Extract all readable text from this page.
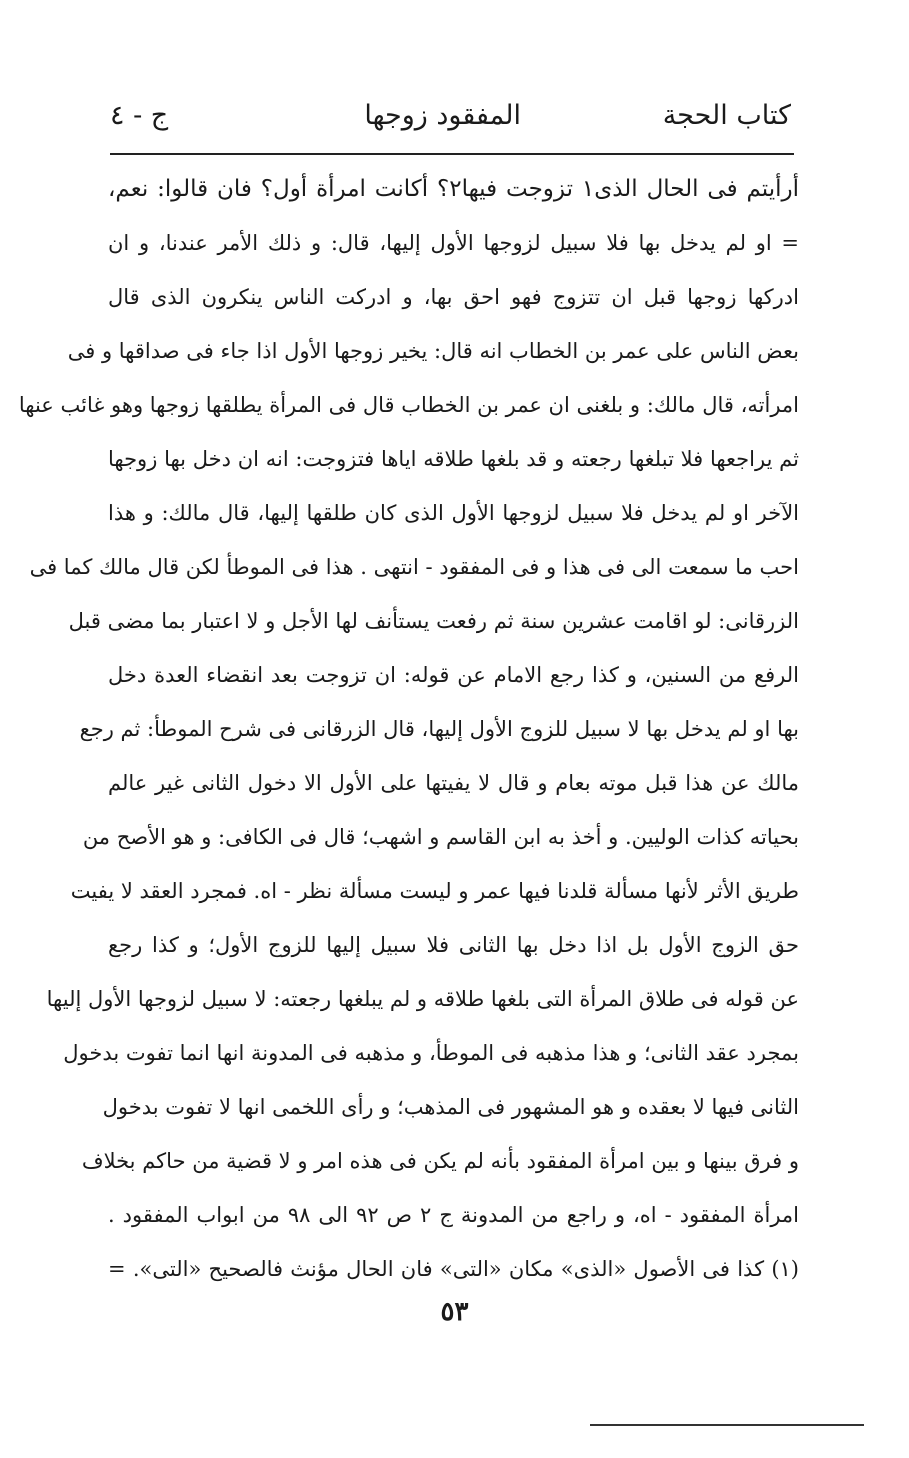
كتاب الحجة
المفقود زوجها
ج - ٤
أرأيتم فى الحال الذى١ تزوجت فيها٢؟ أكانت امرأة أول؟ فان قالوا: نعم،
= او لم يدخل بها فلا سبيل لزوجها الأول إليها، قال: و ذلك الأمر عندنا، و ان
ادركها زوجها قبل ان تتزوج فهو احق بها، و ادركت الناس ينكرون الذى قال
بعض الناس على عمر بن الخطاب انه قال: يخير زوجها الأول اذا جاء فى صداقها و فى
امرأته، قال مالك: و بلغنى ان عمر بن الخطاب قال فى المرأة يطلقها زوجها وهو غائب عنها
ثم يراجعها فلا تبلغها رجعته و قد بلغها طلاقه اياها فتزوجت: انه ان دخل بها زوجها
الآخر او لم يدخل فلا سبيل لزوجها الأول الذى كان طلقها إليها، قال مالك: و هذا
احب ما سمعت الى فى هذا و فى المفقود - انتهى . هذا فى الموطأ لكن قال مالك كما فى
الزرقانى: لو اقامت عشرين سنة ثم رفعت يستأنف لها الأجل و لا اعتبار بما مضى قبل
الرفع من السنين، و كذا رجع الامام عن قوله: ان تزوجت بعد انقضاء العدة دخل
بها او لم يدخل بها لا سبيل للزوج الأول إليها، قال الزرقانى فى شرح الموطأ: ثم رجع
مالك عن هذا قبل موته بعام و قال لا يفيتها على الأول الا دخول الثانى غير عالم
بحياته كذات الوليين. و أخذ به ابن القاسم و اشهب؛ قال فى الكافى: و هو الأصح من
طريق الأثر لأنها مسألة قلدنا فيها عمر و ليست مسألة نظر - اه. فمجرد العقد لا يفيت
حق الزوج الأول بل اذا دخل بها الثانى فلا سبيل إليها للزوج الأول؛ و كذا رجع
عن قوله فى طلاق المرأة التى بلغها طلاقه و لم يبلغها رجعته: لا سبيل لزوجها الأول إليها
بمجرد عقد الثانى؛ و هذا مذهبه فى الموطأ، و مذهبه فى المدونة انها انما تفوت بدخول
الثانى فيها لا بعقده و هو المشهور فى المذهب؛ و رأى اللخمى انها لا تفوت بدخول
و فرق بينها و بين امرأة المفقود بأنه لم يكن فى هذه امر و لا قضية من حاكم بخلاف
امرأة المفقود - اه، و راجع من المدونة ج ٢ ص ٩٢ الى ٩٨ من ابواب المفقود .
(١) كذا فى الأصول «الذى» مكان «التى» فان الحال مؤنث فالصحيح «التى». =
٥٣
